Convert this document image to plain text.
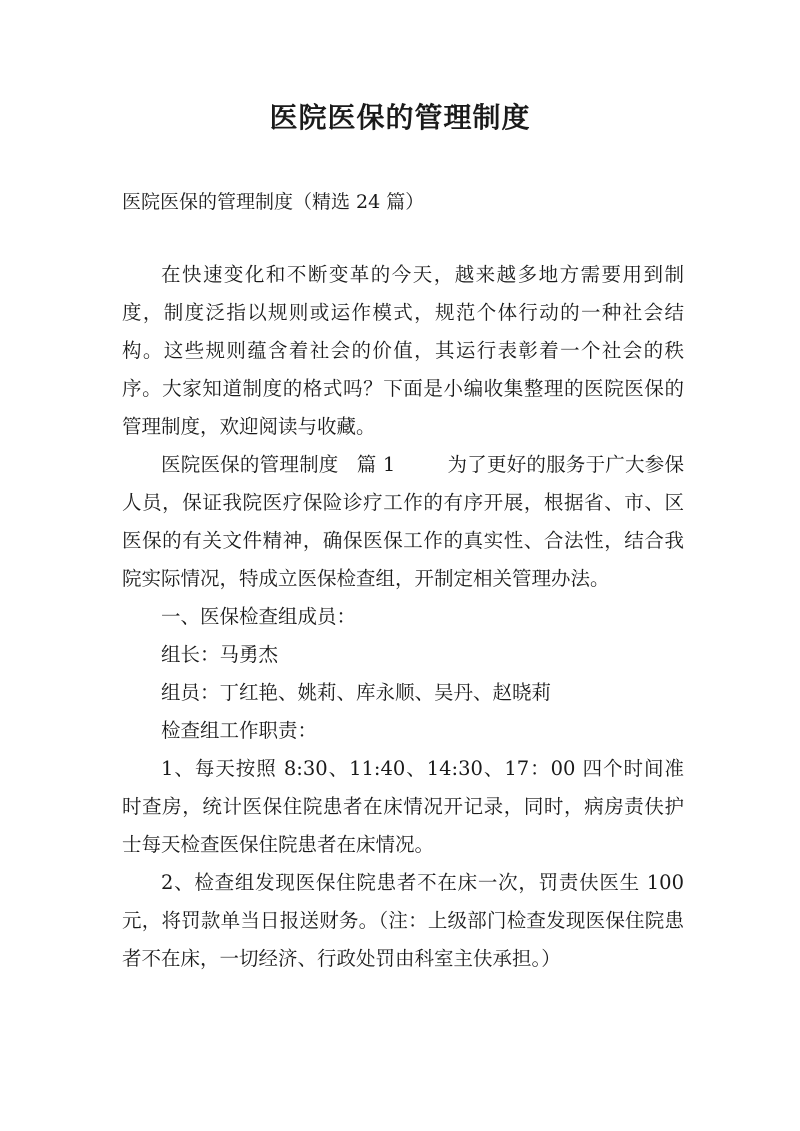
医院医保的管理制度
医院医保的管理制度（精选 24 篇）

在快速变化和不断变革的今天，越来越多地方需要用到制度，制度泛指以规则或运作模式，规范个体行动的一种社会结构。这些规则蕴含着社会的价值，其运行表彰着一个社会的秩序。大家知道制度的格式吗？下面是小编收集整理的医院医保的管理制度，欢迎阅读与收藏。

医院医保的管理制度 篇 1	为了更好的服务于广大参保人员，保证我院医疗保险诊疗工作的有序开展，根据省、市、区医保的有关文件精神，确保医保工作的真实性、合法性，结合我院实际情况，特成立医保检查组，开制定相关管理办法。

一、医保检查组成员：

组长：马勇杰

组员：丁红艳、姚莉、库永顺、吴丹、赵晓莉

检查组工作职责：

1、每天按照 8:30、11:40、14:30、17：00 四个时间准时查房，统计医保住院患者在床情况开记录，同时，病房责伕护士每天检查医保住院患者在床情况。

2、检查组发现医保住院患者不在床一次，罚责伕医生 100 元，将罚款单当日报送财务。（注：上级部门检查发现医保住院患者不在床，一切经济、行政处罚由科室主伕承担。）
